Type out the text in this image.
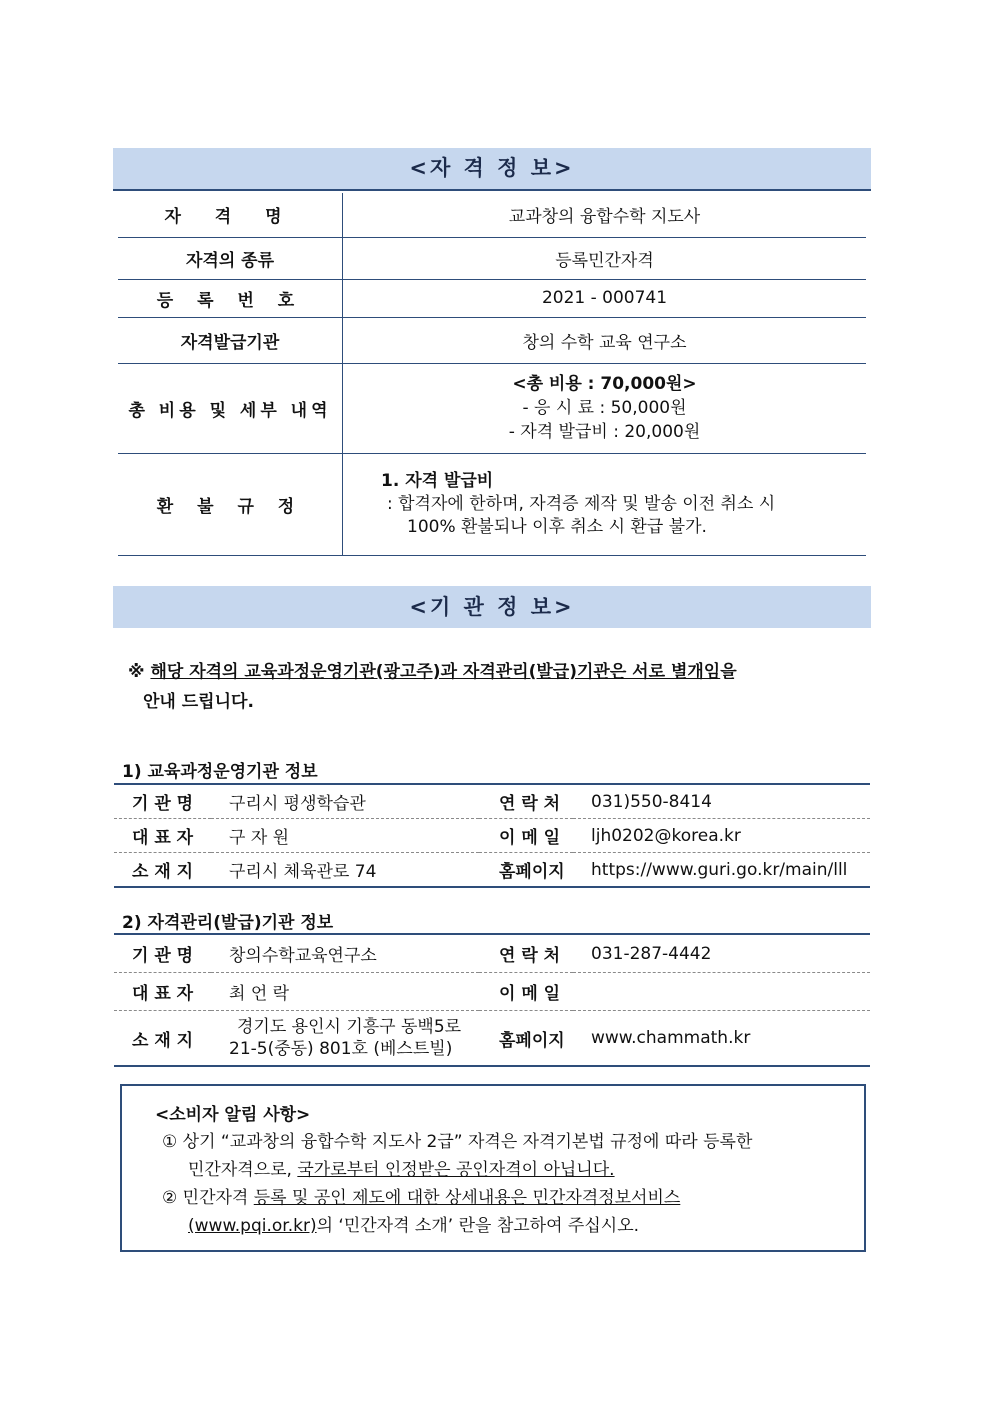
<자 격 정 보>
자 격 명	교과창의 융합수학 지도사
자격의 종류	등록민간자격
등 록 번 호	2021 - 000741
자격발급기관	창의 수학 교육 연구소
총 비용 및 세부 내역	<총 비용 : 70,000원>
- 응 시 료 : 50,000원
- 자격 발급비 : 20,000원

환 불 규 정	1. 자격 발급비
: 합격자에 한하며, 자격증 제작 및 발송 이전 취소 시
100% 환불되나 이후 취소 시 환급 불가.
<기 관 정 보>
※ 해당 자격의 교육과정운영기관(광고주)과 자격관리(발급)기관은 서로 별개임을
안내 드립니다.
1) 교육과정운영기관 정보
기 관 명	구리시 평생학습관	연 락 처	031)550-8414
대 표 자	구 자 원	이 메 일	ljh0202@korea.kr
소 재 지	구리시 체육관로 74	홈페이지	https://www.guri.go.kr/main/lll
2) 자격관리(발급)기관 정보
기 관 명	창의수학교육연구소	연 락 처	031-287-4442
대 표 자	최 언 락	이 메 일	
소 재 지	경기도 용인시 기흥구 동백5로
21-5(중동) 801호 (베스트빌)	홈페이지	www.chammath.kr
<소비자 알림 사항>
① 상기 “교과창의 융합수학 지도사 2급” 자격은 자격기본법 규정에 따라 등록한
민간자격으로, 국가로부터 인정받은 공인자격이 아닙니다.
② 민간자격 등록 및 공인 제도에 대한 상세내용은 민간자격정보서비스
(www.pqi.or.kr)의 ‘민간자격 소개’ 란을 참고하여 주십시오.
